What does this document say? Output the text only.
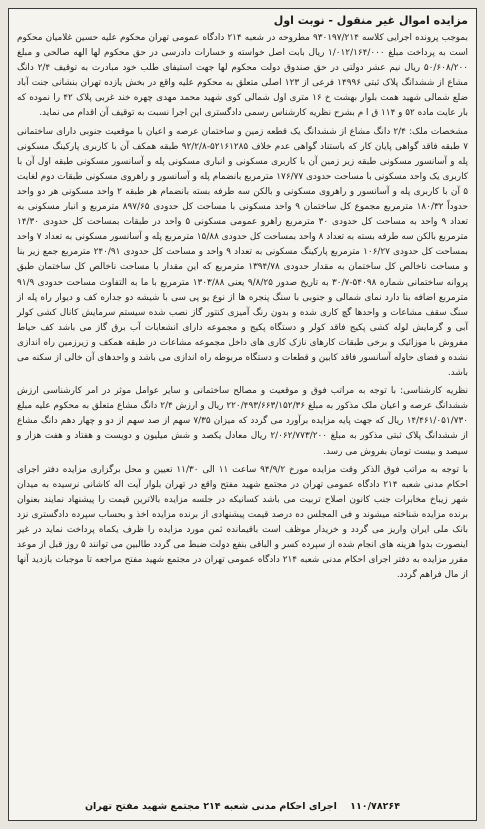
مزایده اموال غیر منقول - نوبت اول

بموجب پرونده اجرایی کلاسه ۹۳۰۱۹۷/۲۱۴ مطروحه در شعبه ۲۱۴ دادگاه عمومی تهران محکوم علیه حسین غلامیان محکوم است به پرداخت مبلغ ۱/۰۱۲/۱۶۴/۰۰۰ ریال بابت اصل خواسته و خسارات دادرسی در حق محکوم لها الهه صالحی و مبلغ ۵۰/۶۰۸/۲۰۰ ریال نیم عشر دولتی در حق صندوق دولت محکوم لها جهت استیفای طلب خود مبادرت به توقیف ۲/۴ دانگ مشاع از ششدانگ پلاک ثبتی ۱۴۹۹۶ فرعی از ۱۲۳ اصلی متعلق به محکوم علیه واقع در بخش یازده تهران بنشانی جنت آباد ضلع شمالی شهید همت بلوار بهشت خ ۱۶ متری اول شمالی کوی شهید محمد مهدی چهره خند غربی پلاک ۴۲ را نموده که بار عایت ماده ۵۲ و ۱۱۴ ق ا م بشرح نظریه کارشناس رسمی دادگستری این اجرا نسبت به توقیف آن اقدام می نماید.

مشخصات ملک: ۲/۴ دانگ مشاع از ششدانگ یک قطعه زمین و ساختمان عرصه و اعیان با موقعیت جنوبی دارای ساختمانی ۷ طبقه فاقد گواهی پایان کار که باستناد گواهی عدم خلاف ۵۲۱۶۱۲۸۵-۹۲/۲/۸ طبقه همکف آن با کاربری پارکینگ مسکونی پله و آسانسور مسکونی طبقه زیر زمین آن با کاربری مسکونی و انباری مسکونی پله و آسانسور مسکونی طبقه اول آن با کاربری یک واحد مسکونی با مساحت حدودی ۱۷۶/۷۷ مترمربع بانضمام پله و آسانسور و راهروی مسکونی طبقات دوم لغایت ۵ آن با کاربری پله و آسانسور و راهروی مسکونی و بالکن سه طرفه بسته بانضمام هر طبقه ۲ واحد مسکونی هر دو واحد حدوداً ۱۸۰/۳۲ مترمربع مجموع کل ساختمان ۹ واحد مسکونی با مساحت کل حدودی ۸۹۷/۶۵ مترمربع و انبار مسکونی به تعداد ۹ واحد به مساحت کل حدودی ۳۰ مترمربع راهرو عمومی مسکونی ۵ واحد در طبقات بمساحت کل حدودی ۱۴/۳۰ مترمربع بالکن سه طرفه بسته به تعداد ۸ واحد بمساحت کل حدودی ۱۵/۸۸ مترمربع پله و آسانسور مسکونی به تعداد ۷ واحد بمساحت کل حدودی ۱۰۶/۲۷ مترمربع پارکینگ مسکونی به تعداد ۹ واحد و مساحت کل حدودی ۲۴۰/۹۱ مترمربع جمع زیر بنا و مساحت ناخالص کل ساختمان به مقدار حدودی ۱۳۹۴/۷۸ مترمربع که این مقدار با مساحت ناخالص کل ساختمان طبق پروانه ساختمانی شماره ۵۴۰۹۸-۳۰/۷ به تاریخ صدور ۹/۸/۲۵ یعنی ۱۳۰۳/۸۸ مترمربع با ما به التفاوت مساحت حدودی ۹۱/۹ مترمربع اضافه بنا دارد نمای شمالی و جنوبی با سنگ پنجره ها از نوع یو پی سی با شیشه دو جداره کف و دیوار راه پله از سنگ سقف مشاعات و واحدها گچ کاری شده و بدون رنگ آمیزی کنتور گاز نصب شده سیستم سرمایش کانال کشی کولر آبی و گرمایش لوله کشی پکیج فاقد کولر و دستگاه پکیج و مجموعه دارای انشعابات آب برق گاز می باشد کف حیاط مفروش با موزائیک و برخی طبقات کارهای نازک کاری های داخل مجموعه مشاعات در طبقه همکف و زیرزمین راه اندازی نشده و فضای حاوله آسانسور فاقد کابین و قطعات و دستگاه مربوطه راه اندازی می باشد و واحدهای آن خالی از سکنه می باشد.

نظریه کارشناسی: با توجه به مراتب فوق و موقعیت و مصالح ساختمانی و سایر عوامل موثر در امر کارشناسی ارزش ششدانگ عرصه و اعیان ملک مذکور به مبلغ ۲۲۰/۴۹۳/۶۶۳/۱۵۲/۳۶ ریال و ارزش ۲/۴ دانگ مشاع متعلق به محکوم علیه مبلغ ۱۴/۴۶۱/۰۵۱/۷۳۰ ریال که جهت پایه مزایده برآورد می گردد که میزان ۷/۳۵ سهم از صد سهم از دو و چهار دهم دانگ مشاع از ششدانگ پلاک ثبتی مذکور به مبلغ ۲/۰۶۲/۷۷۳/۲۰۰ ریال معادل یکصد و شش میلیون و دویست و هفتاد و هفت هزار و سیصد و بیست تومان بفروش می رسد.

با توجه به مراتب فوق الذکر وقت مزایده مورخ ۹۴/۹/۲ ساعت ۱۱ الی ۱۱/۳۰ تعیین و محل برگزاری مزایده دفتر اجرای احکام مدنی شعبه ۲۱۴ دادگاه عمومی تهران در مجتمع شهید مفتح واقع در تهران بلوار آیت اله کاشانی نرسیده به میدان شهر زیباخ مخابرات جنب کانون اصلاح تربیت می باشد کسانیکه در جلسه مزایده بالاترین قیمت را پیشنهاد نمایند بعنوان برنده مزایده شناخته میشوند و فی المجلس ده درصد قیمت پیشنهادی از برنده مزایده اخذ و بحساب سپرده دادگستری نزد بانک ملی ایران واریز می گردد و خریدار موظف است باقیمانده ثمن مورد مزایده را ظرف یکماه پرداخت نماید در غیر اینصورت بدوا هزینه های انجام شده از سپرده کسر و الباقی بنفع دولت ضبط می گردد طالبین می توانند ۵ روز قبل از موعد مقرر مزایده به دفتر اجرای احکام مدنی شعبه ۲۱۴ دادگاه عمومی تهران در مجتمع شهید مفتح مراجعه تا موجبات بازدید آنها از مال فراهم گردد.

۱۱۰/۷۸۲۶۴ اجرای احکام مدنی شعبه ۲۱۴ مجتمع شهید مفتح تهران
